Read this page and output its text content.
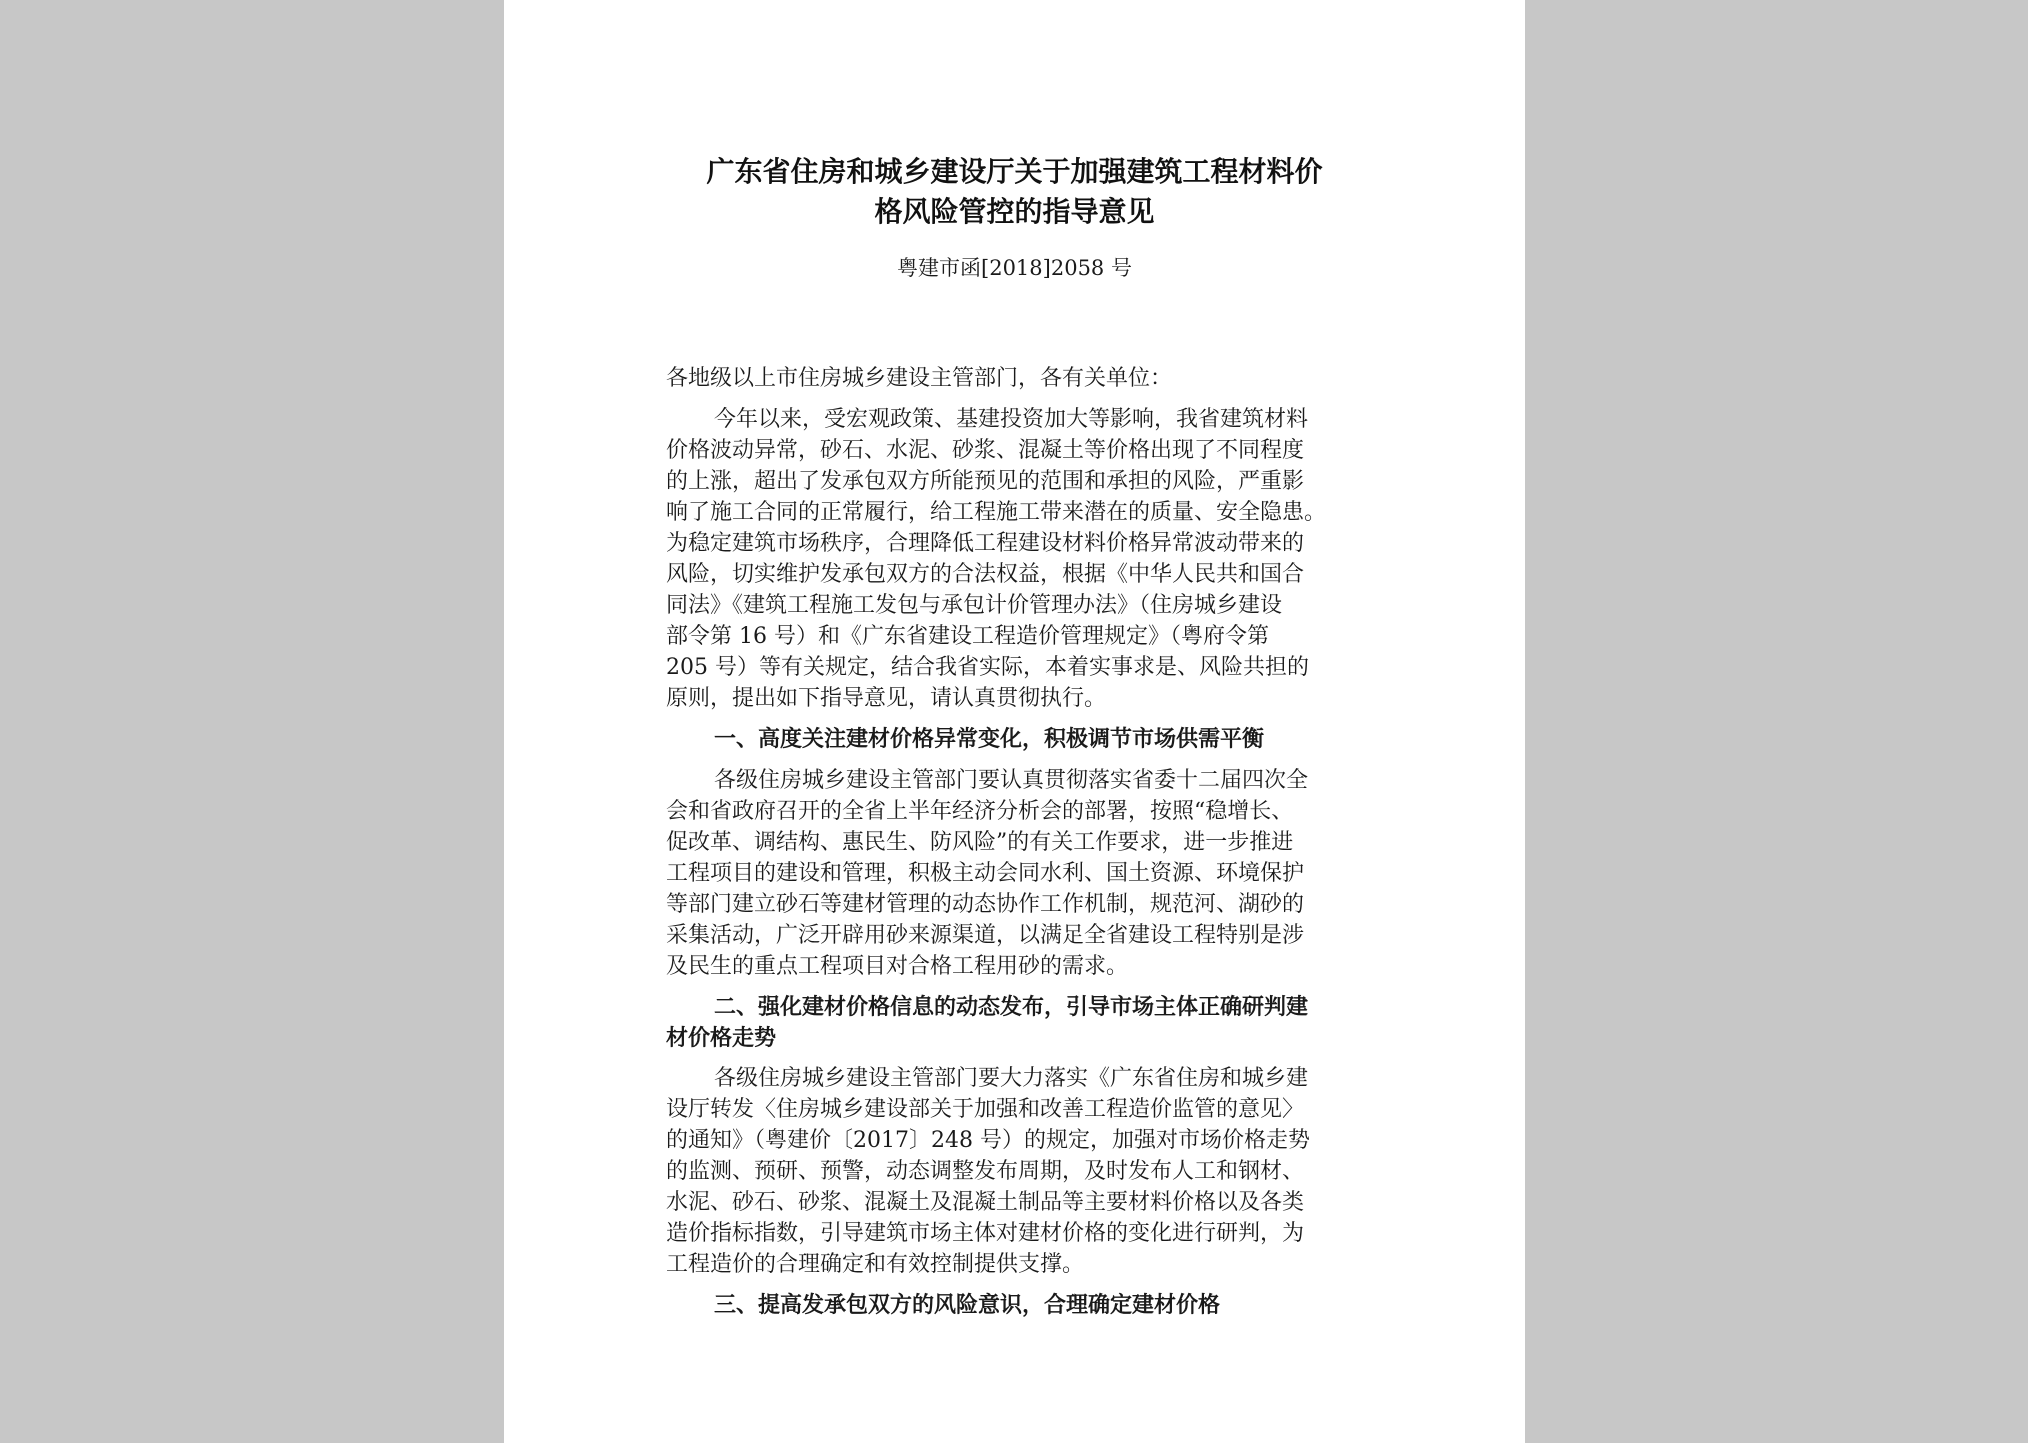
广东省住房和城乡建设厅关于加强建筑工程材料价
格风险管控的指导意见
粤建市函[2018]2058 号
各地级以上市住房城乡建设主管部门，各有关单位：
今年以来，受宏观政策、基建投资加大等影响，我省建筑材料
价格波动异常，砂石、水泥、砂浆、混凝土等价格出现了不同程度
的上涨，超出了发承包双方所能预见的范围和承担的风险，严重影
响了施工合同的正常履行，给工程施工带来潜在的质量、安全隐患。
为稳定建筑市场秩序，合理降低工程建设材料价格异常波动带来的
风险，切实维护发承包双方的合法权益，根据《中华人民共和国合
同法》《建筑工程施工发包与承包计价管理办法》（住房城乡建设
部令第 16 号）和《广东省建设工程造价管理规定》（粤府令第
205 号）等有关规定，结合我省实际，本着实事求是、风险共担的
原则，提出如下指导意见，请认真贯彻执行。
一、高度关注建材价格异常变化，积极调节市场供需平衡
各级住房城乡建设主管部门要认真贯彻落实省委十二届四次全
会和省政府召开的全省上半年经济分析会的部署，按照“稳增长、
促改革、调结构、惠民生、防风险”的有关工作要求，进一步推进
工程项目的建设和管理，积极主动会同水利、国土资源、环境保护
等部门建立砂石等建材管理的动态协作工作机制，规范河、湖砂的
采集活动，广泛开辟用砂来源渠道，以满足全省建设工程特别是涉
及民生的重点工程项目对合格工程用砂的需求。
二、强化建材价格信息的动态发布，引导市场主体正确研判建
材价格走势
各级住房城乡建设主管部门要大力落实《广东省住房和城乡建
设厅转发〈住房城乡建设部关于加强和改善工程造价监管的意见〉
的通知》（粤建价〔2017〕248 号）的规定，加强对市场价格走势
的监测、预研、预警，动态调整发布周期，及时发布人工和钢材、
水泥、砂石、砂浆、混凝土及混凝土制品等主要材料价格以及各类
造价指标指数，引导建筑市场主体对建材价格的变化进行研判，为
工程造价的合理确定和有效控制提供支撑。
三、提高发承包双方的风险意识，合理确定建材价格
